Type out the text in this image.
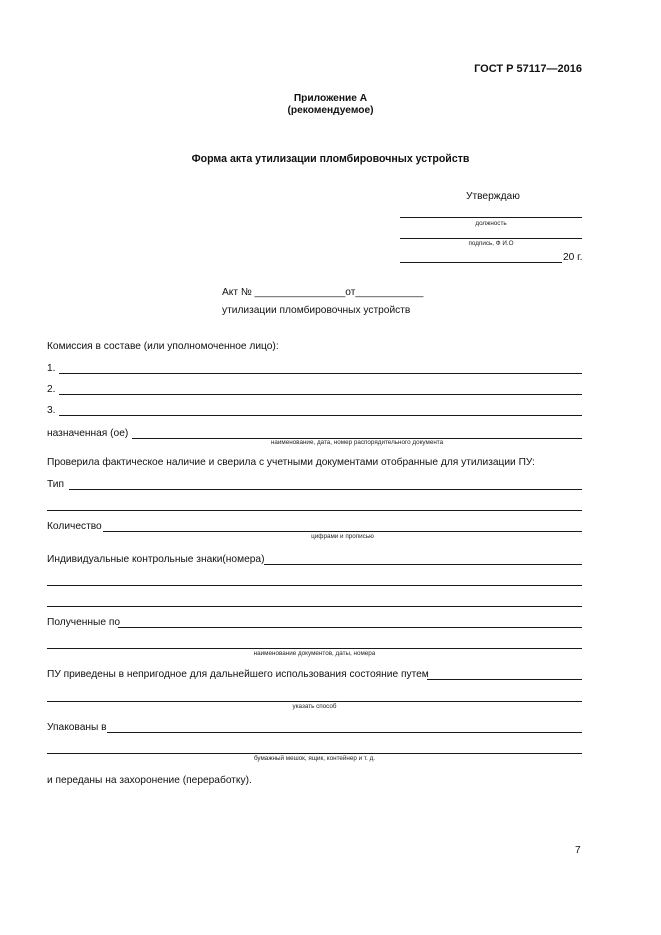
ГОСТ Р 57117—2016
Приложение А
(рекомендуемое)
Форма акта утилизации пломбировочных устройств
Утверждаю
должность
подпись, Ф И.О
20 г.
Акт № ________________от____________
утилизации пломбировочных устройств
Комиссия в составе (или уполномоченное лицо):
1.
2.
3.
назначенная (ое)
наименование, дата, номер распорядительного документа
Проверила фактическое наличие и сверила с учетными документами отобранные для утилизации ПУ:
Тип
Количество
цифрами и прописью
Индивидуальные контрольные знаки(номера)
Полученные по
наименование документов, даты, номера
ПУ приведены в непригодное для дальнейшего использования состояние путем
указать способ
Упакованы в
бумажный мешок, ящик, контейнер и т. д.
и переданы на захоронение (переработку).
7
